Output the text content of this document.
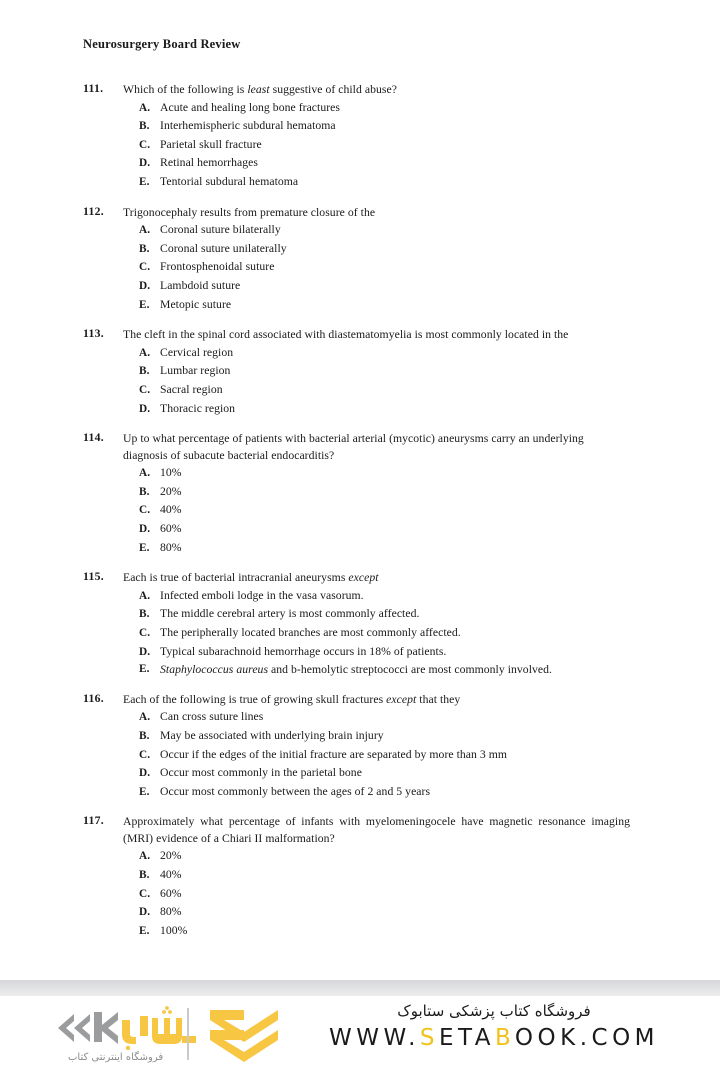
Neurosurgery Board Review
111.	Which of the following is least suggestive of child abuse?
A. Acute and healing long bone fractures
B. Interhemispheric subdural hematoma
C. Parietal skull fracture
D. Retinal hemorrhages
E. Tentorial subdural hematoma
112.	Trigonocephaly results from premature closure of the
A. Coronal suture bilaterally
B. Coronal suture unilaterally
C. Frontosphenoidal suture
D. Lambdoid suture
E. Metopic suture
113.	The cleft in the spinal cord associated with diastematomyelia is most commonly located in the
A. Cervical region
B. Lumbar region
C. Sacral region
D. Thoracic region
114.	Up to what percentage of patients with bacterial arterial (mycotic) aneurysms carry an underlying diagnosis of subacute bacterial endocarditis?
A. 10%
B. 20%
C. 40%
D. 60%
E. 80%
115.	Each is true of bacterial intracranial aneurysms except
A. Infected emboli lodge in the vasa vasorum.
B. The middle cerebral artery is most commonly affected.
C. The peripherally located branches are most commonly affected.
D. Typical subarachnoid hemorrhage occurs in 18% of patients.
E. Staphylococcus aureus and b-hemolytic streptococci are most commonly involved.
116.	Each of the following is true of growing skull fractures except that they
A. Can cross suture lines
B. May be associated with underlying brain injury
C. Occur if the edges of the initial fracture are separated by more than 3 mm
D. Occur most commonly in the parietal bone
E. Occur most commonly between the ages of 2 and 5 years
117.	Approximately what percentage of infants with myelomeningocele have magnetic resonance imaging (MRI) evidence of a Chiari II malformation?
A. 20%
B. 40%
C. 60%
D. 80%
E. 100%
فروشگاه اینترنتی کتاب
فروشگاه کتاب پزشکی ستابوک
WWW.SETABOOK.COM
